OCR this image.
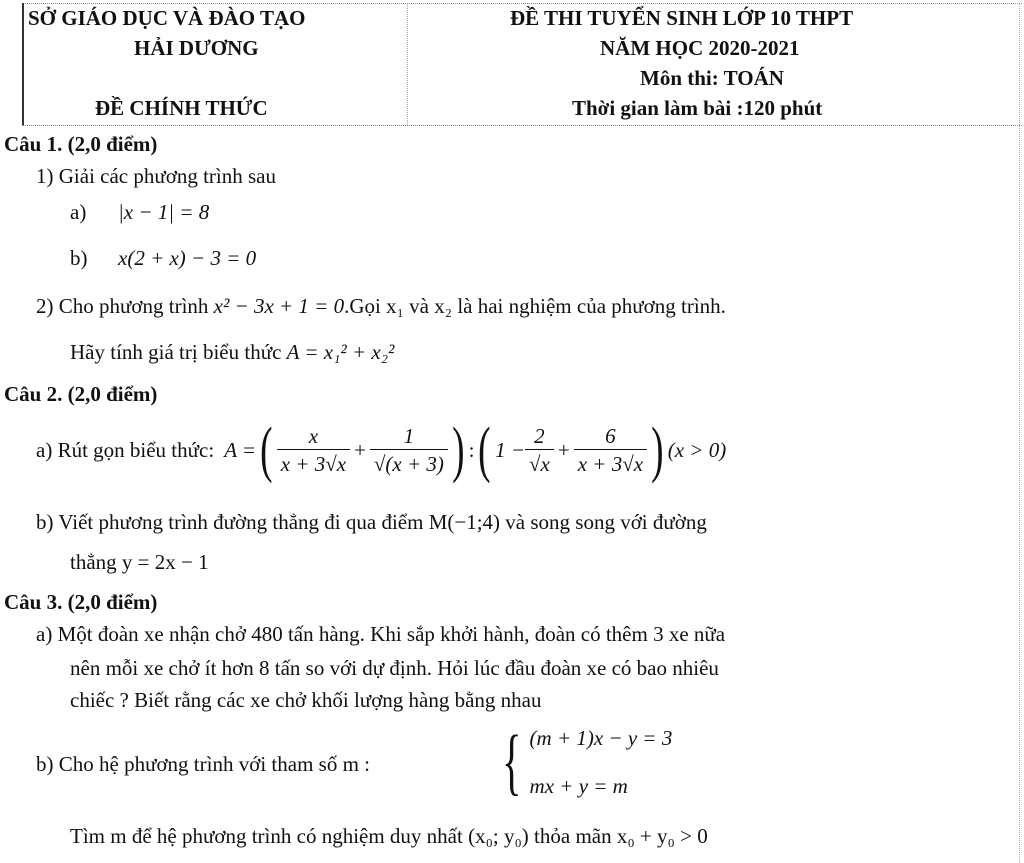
SỞ GIÁO DỤC VÀ ĐÀO TẠO
HẢI DƯƠNG
ĐỀ CHÍNH THỨC
ĐỀ THI TUYỂN SINH LỚP 10 THPT
NĂM HỌC 2020-2021
Môn thi: TOÁN
Thời gian làm bài :120 phút
Câu 1. (2,0 điểm)
1) Giải các phương trình sau
a) |x − 1| = 8
b) x(2 + x) − 3 = 0
2) Cho phương trình x² − 3x + 1 = 0.Gọi x₁ và x₂ là hai nghiệm của phương trình.
Hãy tính giá trị biểu thức A = x₁² + x₂²
Câu 2. (2,0 điểm)
a) Rút gọn biểu thức: A = ( $\frac{x}{x + 3√x} + \frac{1}{√(x + 3)}$ ) : ( $1 - \frac{2}{√x} + \frac{6}{x + 3√x}$ ) (x > 0)
b) Viết phương trình đường thẳng đi qua điểm M(−1;4) và song song với đường
thẳng y = 2x − 1
Câu 3. (2,0 điểm)
a) Một đoàn xe nhận chở 480 tấn hàng. Khi sắp khởi hành, đoàn có thêm 3 xe nữa
nên mỗi xe chở ít hơn 8 tấn so với dự định. Hỏi lúc đầu đoàn xe có bao nhiêu
chiếc ? Biết rằng các xe chở khối lượng hàng bằng nhau
b) Cho hệ phương trình với tham số m : { (m + 1)x − y = 3
mx + y = m
Tìm m để hệ phương trình có nghiệm duy nhất (x₀; y₀) thỏa mãn x₀ + y₀ > 0
